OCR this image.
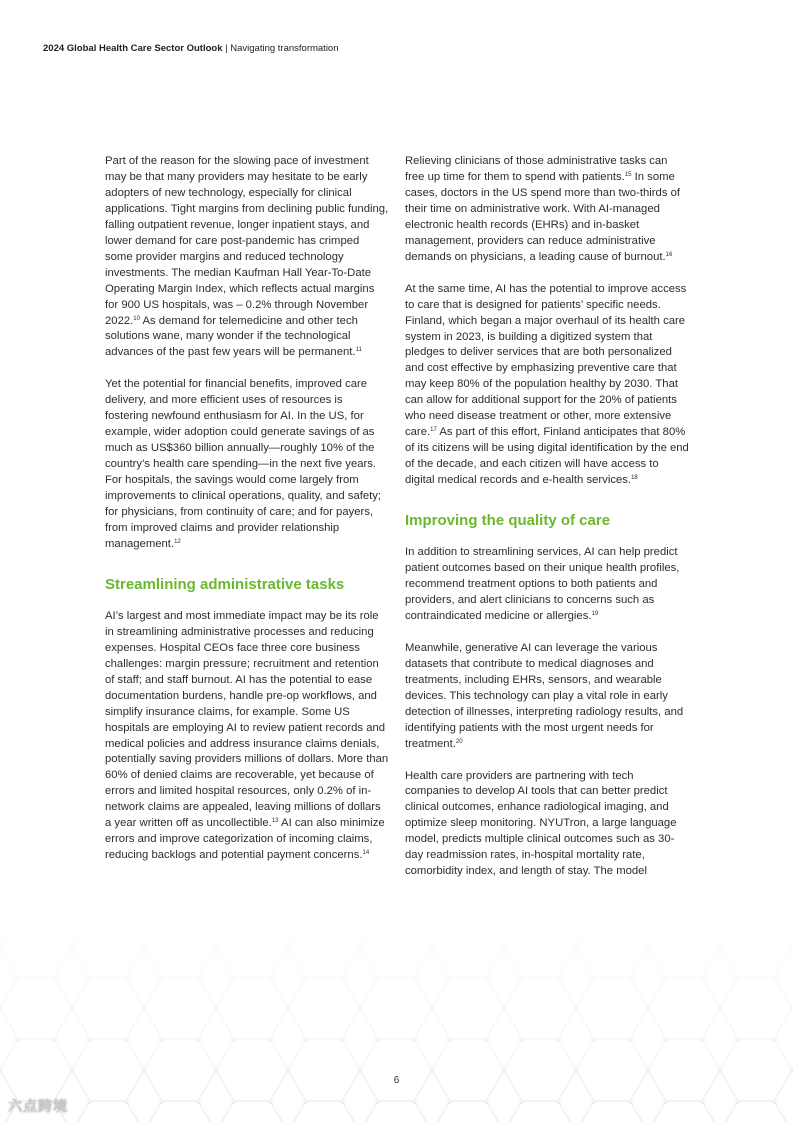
2024 Global Health Care Sector Outlook | Navigating transformation

Part of the reason for the slowing pace of investment may be that many providers may hesitate to be early adopters of new technology, especially for clinical applications. Tight margins from declining public funding, falling outpatient revenue, longer inpatient stays, and lower demand for care post-pandemic has crimped some provider margins and reduced technology investments. The median Kaufman Hall Year-To-Date Operating Margin Index, which reflects actual margins for 900 US hospitals, was – 0.2% through November 2022.10 As demand for telemedicine and other tech solutions wane, many wonder if the technological advances of the past few years will be permanent.$^{11}$

Yet the potential for financial benefits, improved care delivery, and more efficient uses of resources is fostering newfound enthusiasm for AI. In the US, for example, wider adoption could generate savings of as much as US$360 billion annually—roughly 10% of the country’s health care spending—in the next five years. For hospitals, the savings would come largely from improvements to clinical operations, quality, and safety; for physicians, from continuity of care; and for payers, from improved claims and provider relationship management.$^{12}$

Streamlining administrative tasks

AI’s largest and most immediate impact may be its role in streamlining administrative processes and reducing expenses. Hospital CEOs face three core business challenges: margin pressure; recruitment and retention of staff; and staff burnout. AI has the potential to ease documentation burdens, handle pre-op workflows, and simplify insurance claims, for example. Some US hospitals are employing AI to review patient records and medical policies and address insurance claims denials, potentially saving providers millions of dollars. More than 60% of denied claims are recoverable, yet because of errors and limited hospital resources, only 0.2% of in-network claims are appealed, leaving millions of dollars a year written off as uncollectible.$^{13}$ AI can also minimize errors and improve categorization of incoming claims, reducing backlogs and potential payment concerns.$^{14}$

Relieving clinicians of those administrative tasks can free up time for them to spend with patients.$^{15}$ In some cases, doctors in the US spend more than two-thirds of their time on administrative work. With AI-managed electronic health records (EHRs) and in-basket management, providers can reduce administrative demands on physicians, a leading cause of burnout.$^{16}$

At the same time, AI has the potential to improve access to care that is designed for patients’ specific needs. Finland, which began a major overhaul of its health care system in 2023, is building a digitized system that pledges to deliver services that are both personalized and cost effective by emphasizing preventive care that may keep 80% of the population healthy by 2030. That can allow for additional support for the 20% of patients who need disease treatment or other, more extensive care.$^{17}$ As part of this effort, Finland anticipates that 80% of its citizens will be using digital identification by the end of the decade, and each citizen will have access to digital medical records and e-health services.$^{18}$

Improving the quality of care

In addition to streamlining services, AI can help predict patient outcomes based on their unique health profiles, recommend treatment options to both patients and providers, and alert clinicians to concerns such as contraindicated medicine or allergies.$^{19}$

Meanwhile, generative AI can leverage the various datasets that contribute to medical diagnoses and treatments, including EHRs, sensors, and wearable devices. This technology can play a vital role in early detection of illnesses, interpreting radiology results, and identifying patients with the most urgent needs for treatment.$^{20}$

Health care providers are partnering with tech companies to develop AI tools that can better predict clinical outcomes, enhance radiological imaging, and optimize sleep monitoring. NYUTron, a large language model, predicts multiple clinical outcomes such as 30-day readmission rates, in-hospital mortality rate, comorbidity index, and length of stay. The model

6
六点跨境
